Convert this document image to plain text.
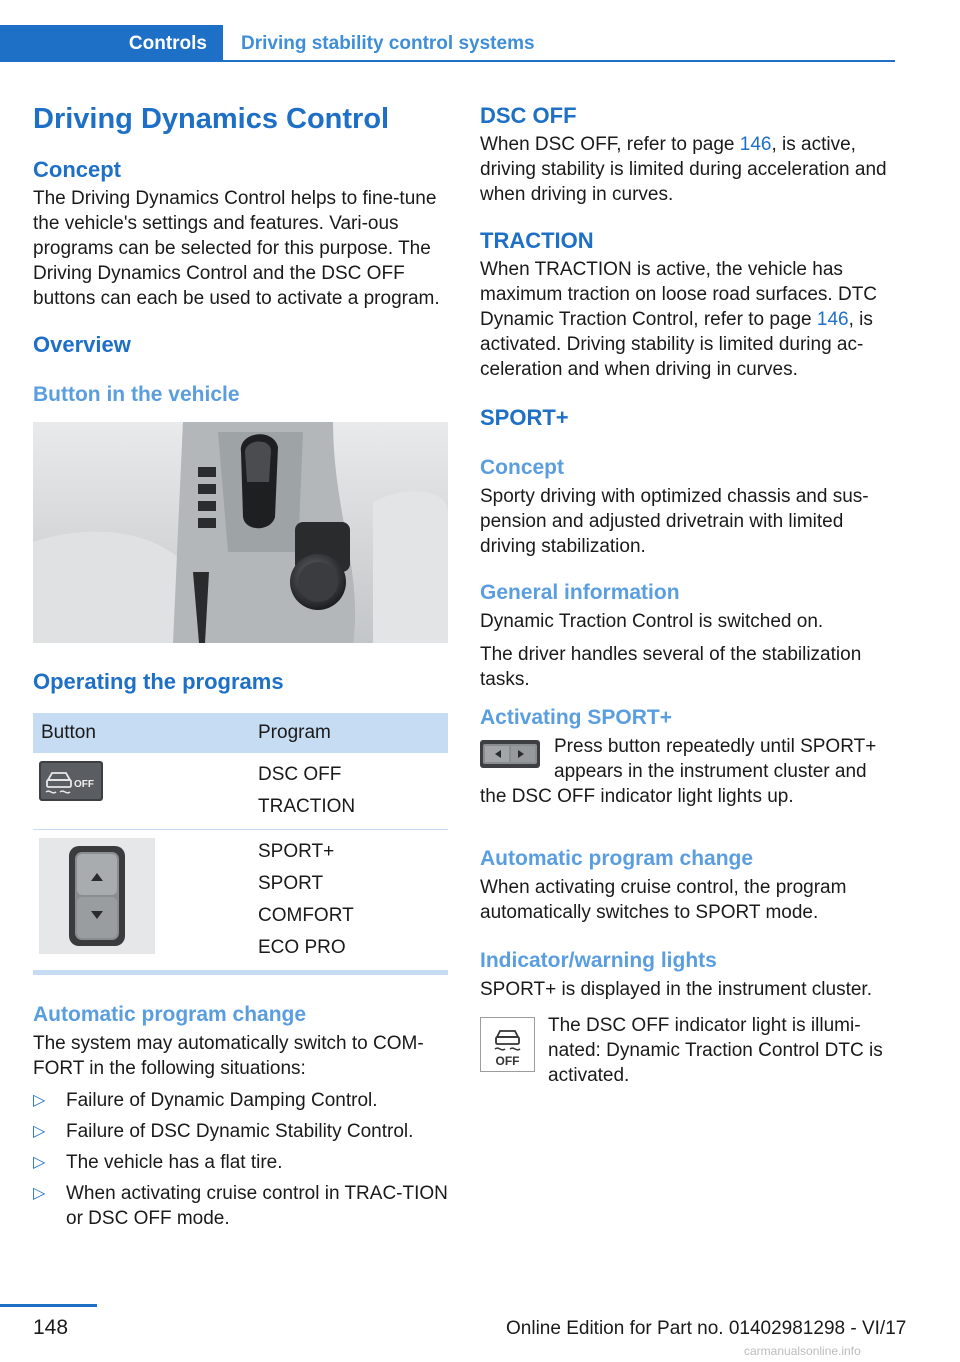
Controls Driving stability control systems
Driving Dynamics Control
Concept

The Driving Dynamics Control helps to fine-tune the vehicle's settings and features. Vari-ous programs can be selected for this purpose. The Driving Dynamics Control and the DSC OFF buttons can each be used to activate a program.

Overview
Button in the vehicle
Operating the programs
Button	Program

OFF	DSC OFF
TRACTION

SPORT+
SPORT
COMFORT
ECO PRO
Automatic program change

The system may automatically switch to COM-FORT in the following situations:

▷ Failure of Dynamic Damping Control.
▷ Failure of DSC Dynamic Stability Control.
▷ The vehicle has a flat tire.
▷ When activating cruise control in TRAC-TION or DSC OFF mode.
DSC OFF

When DSC OFF, refer to page 146, is active, driving stability is limited during acceleration and when driving in curves.

TRACTION

When TRACTION is active, the vehicle has maximum traction on loose road surfaces. DTC Dynamic Traction Control, refer to page 146, is activated. Driving stability is limited during ac-celeration and when driving in curves.

SPORT+
Concept

Sporty driving with optimized chassis and sus-pension and adjusted drivetrain with limited driving stabilization.

General information

Dynamic Traction Control is switched on.

The driver handles several of the stabilization tasks.

Activating SPORT+

Press button repeatedly until SPORT+ appears in the instrument cluster and the DSC OFF indicator light lights up.

Automatic program change

When activating cruise control, the program automatically switches to SPORT mode.

Indicator/warning lights

SPORT+ is displayed in the instrument cluster.

OFF

The DSC OFF indicator light is illumi-nated: Dynamic Traction Control DTC is activated.

148	Online Edition for Part no. 01402981298 - VI/17
carmanualsonline.info
